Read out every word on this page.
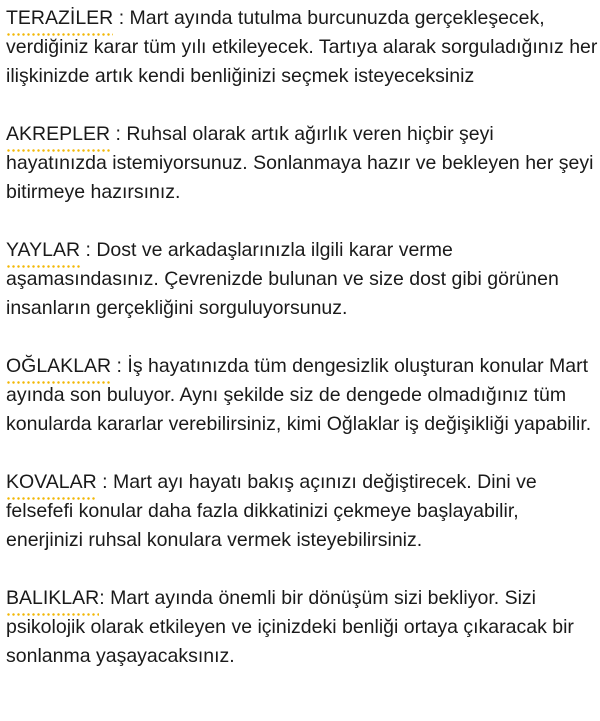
TERAZİLER : Mart ayında tutulma burcunuzda gerçekleşecek, verdiğiniz karar tüm yılı etkileyecek. Tartıya alarak sorguladığınız her ilişkinizde artık kendi benliğinizi seçmek isteyeceksiniz

AKREPLER : Ruhsal olarak artık ağırlık veren hiçbir şeyi hayatınızda istemiyorsunuz. Sonlanmaya hazır ve bekleyen her şeyi bitirmeye hazırsınız.

YAYLAR : Dost ve arkadaşlarınızla ilgili karar verme aşamasındasınız. Çevrenizde bulunan ve size dost gibi görünen insanların gerçekliğini sorguluyorsunuz.

OĞLAKLAR : İş hayatınızda tüm dengesizlik oluşturan konular Mart ayında son buluyor. Aynı şekilde siz de dengede olmadığınız tüm konularda kararlar verebilirsiniz, kimi Oğlaklar iş değişikliği yapabilir.

KOVALAR : Mart ayı hayatı bakış açınızı değiştirecek. Dini ve felsefefi konular daha fazla dikkatinizi çekmeye başlayabilir, enerjinizi ruhsal konulara vermek isteyebilirsiniz.

BALIKLAR: Mart ayında önemli bir dönüşüm sizi bekliyor. Sizi psikolojik olarak etkileyen ve içinizdeki benliği ortaya çıkaracak bir sonlanma yaşayacaksınız.
